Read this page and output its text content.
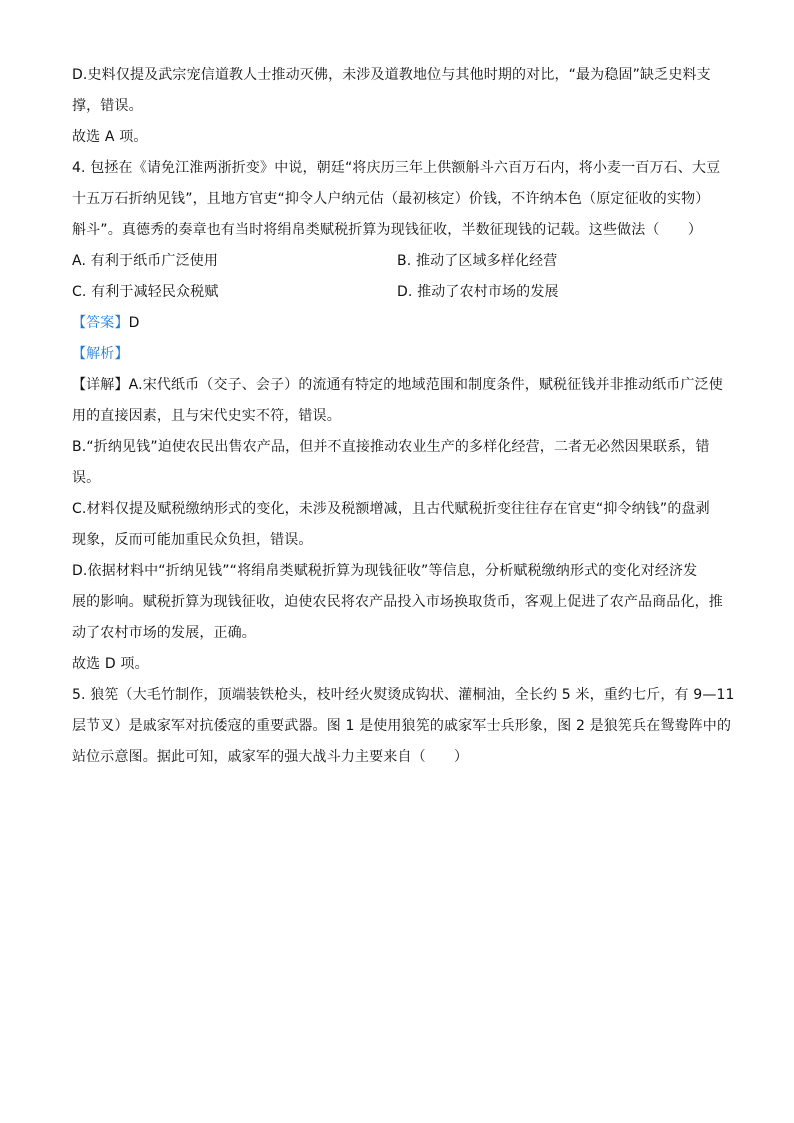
D.史料仅提及武宗宠信道教人士推动灭佛，未涉及道教地位与其他时期的对比，“最为稳固”缺乏史料支
撑，错误。
故选 A 项。
4. 包拯在《请免江淮两浙折变》中说，朝廷“将庆历三年上供额斛斗六百万石内，将小麦一百万石、大豆
十五万石折纳见钱”，且地方官吏“抑令人户纳元估（最初核定）价钱，不许纳本色（原定征收的实物）
斛斗”。真德秀的奏章也有当时将绢帛类赋税折算为现钱征收，半数征现钱的记载。这些做法（　　）
A. 有利于纸币广泛使用	B. 推动了区域多样化经营
C. 有利于减轻民众税赋	D. 推动了农村市场的发展
【答案】D
【解析】
【详解】A.宋代纸币（交子、会子）的流通有特定的地域范围和制度条件，赋税征钱并非推动纸币广泛使
用的直接因素，且与宋代史实不符，错误。
B.“折纳见钱”迫使农民出售农产品，但并不直接推动农业生产的多样化经营，二者无必然因果联系，错
误。
C.材料仅提及赋税缴纳形式的变化，未涉及税额增减，且古代赋税折变往往存在官吏“抑令纳钱”的盘剥
现象，反而可能加重民众负担，错误。
D.依据材料中“折纳见钱”“将绢帛类赋税折算为现钱征收”等信息，分析赋税缴纳形式的变化对经济发
展的影响。赋税折算为现钱征收，迫使农民将农产品投入市场换取货币，客观上促进了农产品商品化，推
动了农村市场的发展，正确。
故选 D 项。
5. 狼筅（大毛竹制作，顶端装铁枪头，枝叶经火熨烫成钩状、灌桐油，全长约 5 米，重约七斤，有 9—11
层节叉）是戚家军对抗倭寇的重要武器。图 1 是使用狼筅的戚家军士兵形象，图 2 是狼筅兵在鸳鸯阵中的
站位示意图。据此可知，戚家军的强大战斗力主要来自（　　）
